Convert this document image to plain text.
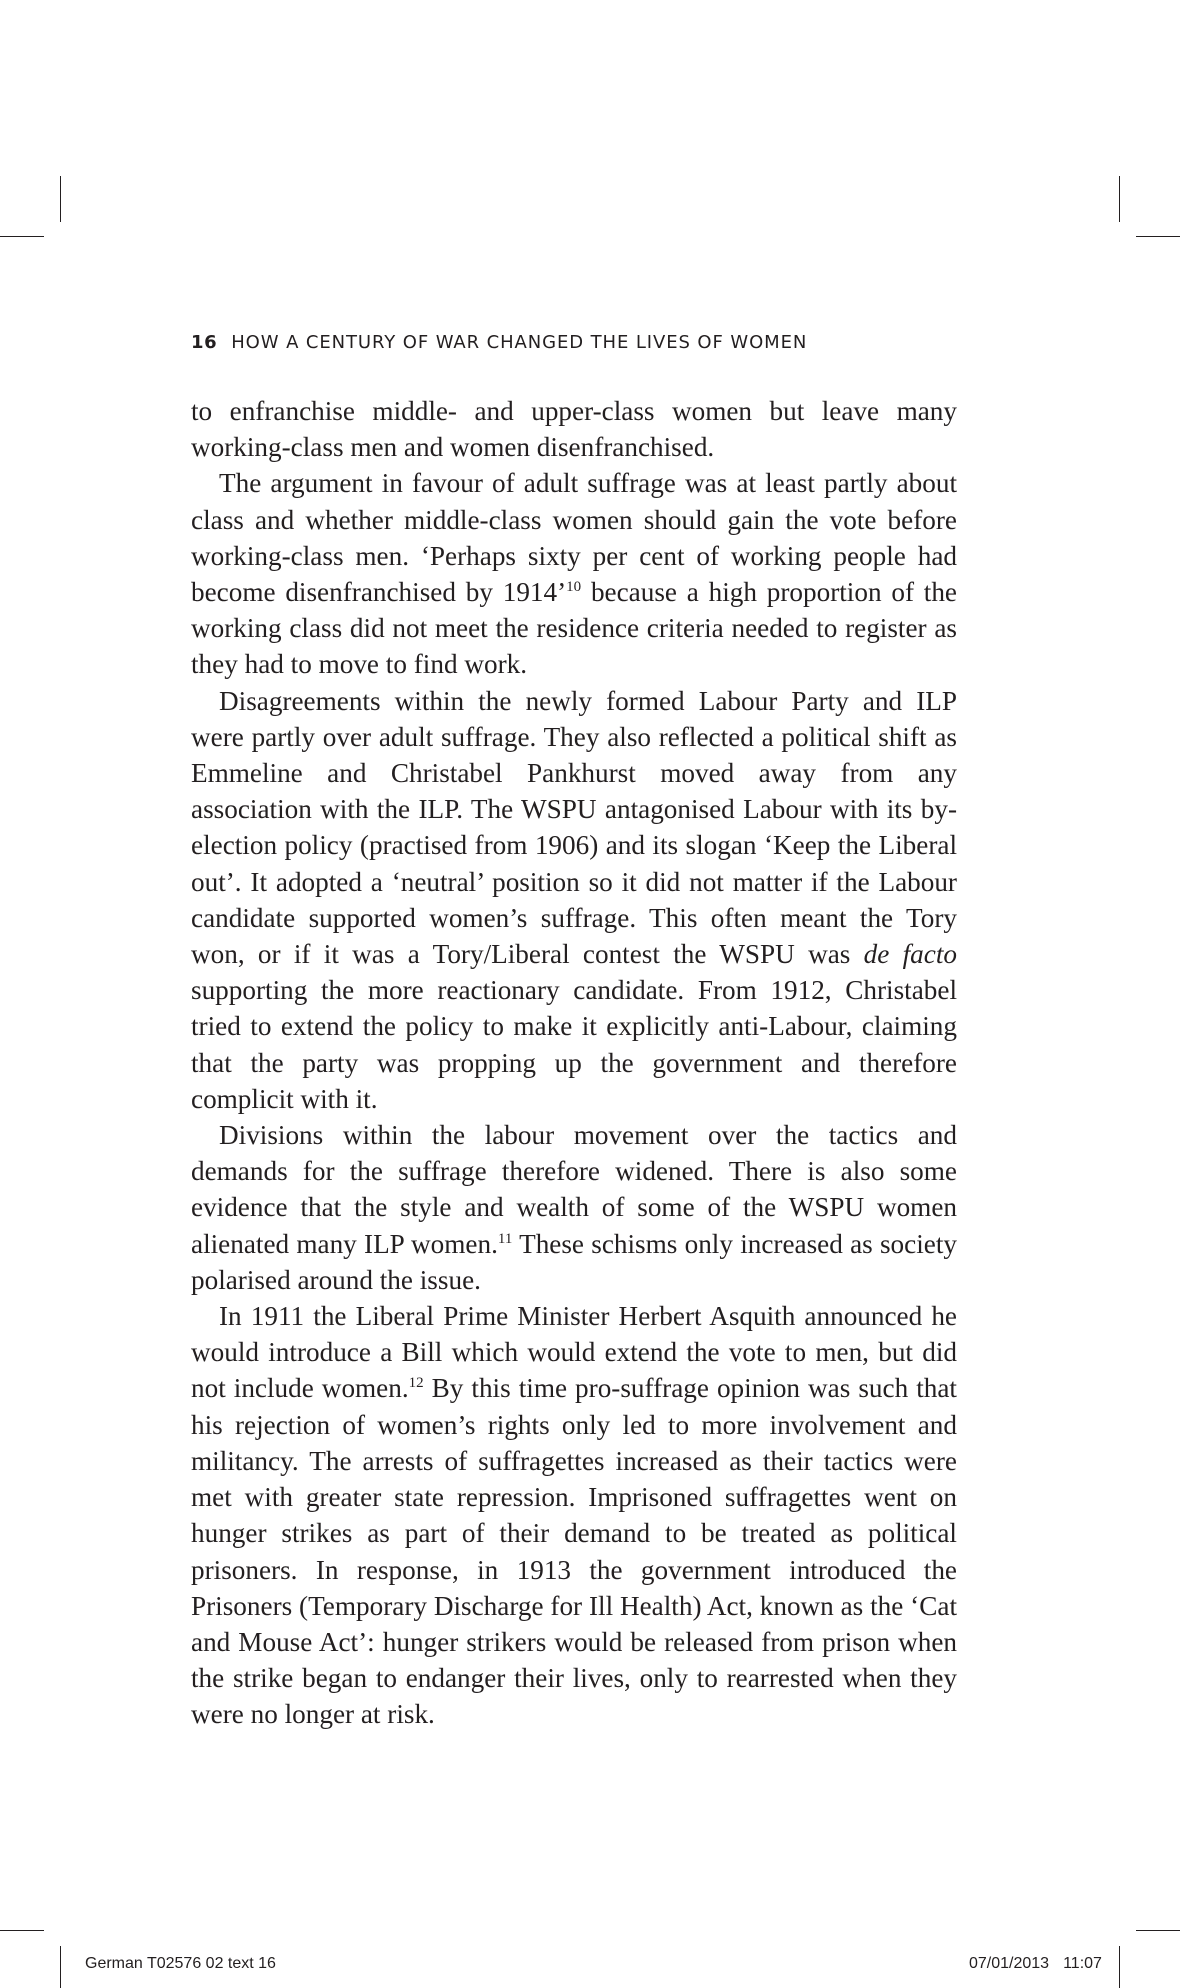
16 HOW A CENTURY OF WAR CHANGED THE LIVES OF WOMEN

to enfranchise middle- and upper-class women but leave many working-class men and women disenfranchised.

The argument in favour of adult suffrage was at least partly about class and whether middle-class women should gain the vote before working-class men. ‘Perhaps sixty per cent of working people had become disenfranchised by 1914’$^{10}$ because a high proportion of the working class did not meet the residence criteria needed to register as they had to move to find work.

Disagreements within the newly formed Labour Party and ILP were partly over adult suffrage. They also reflected a political shift as Emmeline and Christabel Pankhurst moved away from any association with the ILP. The WSPU antagonised Labour with its by-election policy (practised from 1906) and its slogan ‘Keep the Liberal out’. It adopted a ‘neutral’ position so it did not matter if the Labour candidate supported women’s suffrage. This often meant the Tory won, or if it was a Tory/Liberal contest the WSPU was de facto supporting the more reactionary candidate. From 1912, Christabel tried to extend the policy to make it explicitly anti-Labour, claiming that the party was propping up the government and therefore complicit with it.

Divisions within the labour movement over the tactics and demands for the suffrage therefore widened. There is also some evidence that the style and wealth of some of the WSPU women alienated many ILP women.$^{11}$ These schisms only increased as society polarised around the issue.

In 1911 the Liberal Prime Minister Herbert Asquith announced he would introduce a Bill which would extend the vote to men, but did not include women.$^{12}$ By this time pro-suffrage opinion was such that his rejection of women’s rights only led to more involvement and militancy. The arrests of suffragettes increased as their tactics were met with greater state repression. Imprisoned suffragettes went on hunger strikes as part of their demand to be treated as political prisoners. In response, in 1913 the government introduced the Prisoners (Temporary Discharge for Ill Health) Act, known as the ‘Cat and Mouse Act’: hunger strikers would be released from prison when the strike began to endanger their lives, only to rearrested when they were no longer at risk.

German T02576 02 text 16	07/01/2013 11:07
